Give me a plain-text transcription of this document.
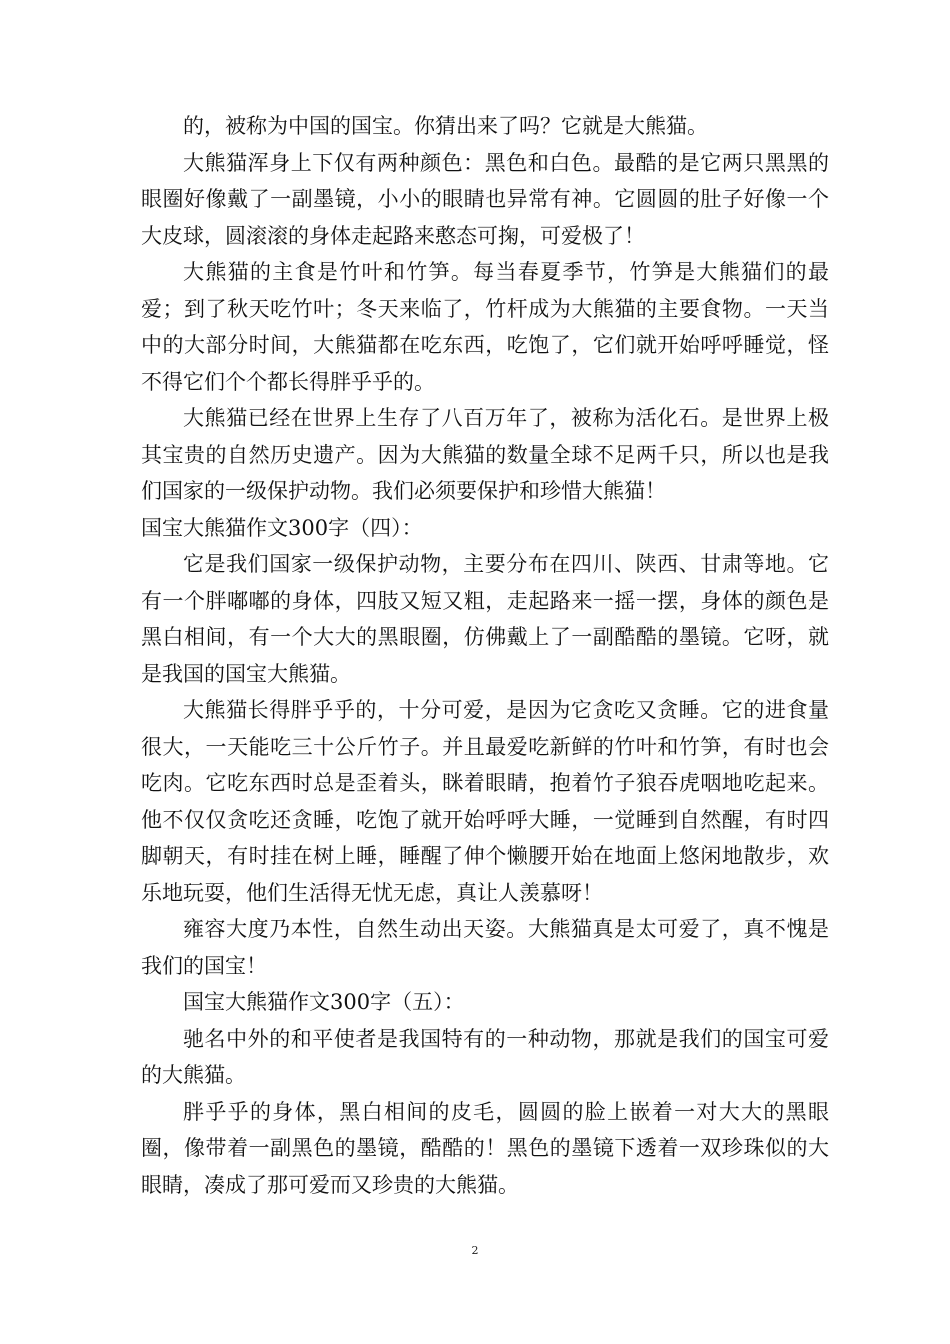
的，被称为中国的国宝。你猜出来了吗？它就是大熊猫。

大熊猫浑身上下仅有两种颜色：黑色和白色。最酷的是它两只黑黑的眼圈好像戴了一副墨镜，小小的眼睛也异常有神。它圆圆的肚子好像一个大皮球，圆滚滚的身体走起路来憨态可掬，可爱极了！

大熊猫的主食是竹叶和竹笋。每当春夏季节，竹笋是大熊猫们的最爱；到了秋天吃竹叶；冬天来临了，竹杆成为大熊猫的主要食物。一天当中的大部分时间，大熊猫都在吃东西，吃饱了，它们就开始呼呼睡觉，怪不得它们个个都长得胖乎乎的。

大熊猫已经在世界上生存了八百万年了，被称为活化石。是世界上极其宝贵的自然历史遗产。因为大熊猫的数量全球不足两千只，所以也是我们国家的一级保护动物。我们必须要保护和珍惜大熊猫！

国宝大熊猫作文300字（四）：

它是我们国家一级保护动物，主要分布在四川、陕西、甘肃等地。它有一个胖嘟嘟的身体，四肢又短又粗，走起路来一摇一摆，身体的颜色是黑白相间，有一个大大的黑眼圈，仿佛戴上了一副酷酷的墨镜。它呀，就是我国的国宝大熊猫。

大熊猫长得胖乎乎的，十分可爱，是因为它贪吃又贪睡。它的进食量很大，一天能吃三十公斤竹子。并且最爱吃新鲜的竹叶和竹笋，有时也会吃肉。它吃东西时总是歪着头，眯着眼睛，抱着竹子狼吞虎咽地吃起来。他不仅仅贪吃还贪睡，吃饱了就开始呼呼大睡，一觉睡到自然醒，有时四脚朝天，有时挂在树上睡，睡醒了伸个懒腰开始在地面上悠闲地散步，欢乐地玩耍，他们生活得无忧无虑，真让人羡慕呀！

雍容大度乃本性，自然生动出天姿。大熊猫真是太可爱了，真不愧是我们的国宝！

国宝大熊猫作文300字（五）：

驰名中外的和平使者是我国特有的一种动物，那就是我们的国宝可爱的大熊猫。

胖乎乎的身体，黑白相间的皮毛，圆圆的脸上嵌着一对大大的黑眼圈，像带着一副黑色的墨镜，酷酷的！黑色的墨镜下透着一双珍珠似的大眼睛，凑成了那可爱而又珍贵的大熊猫。

2
